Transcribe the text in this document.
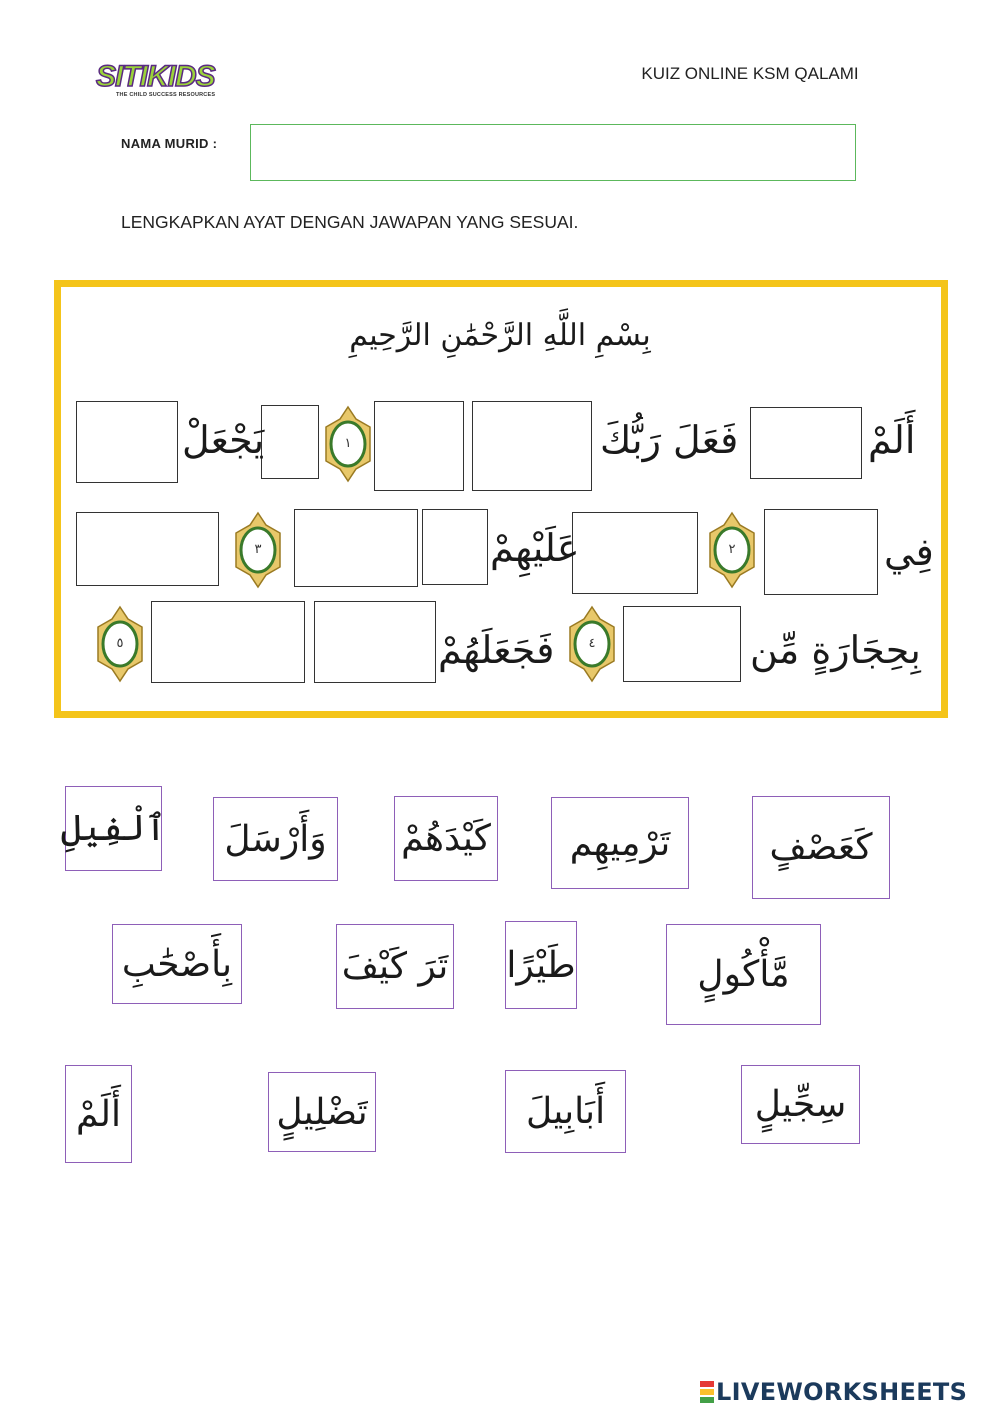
SITIKIDS
THE CHILD SUCCESS RESOURCES
KUIZ ONLINE KSM QALAMI
NAMA MURID :
LENGKAPKAN AYAT DENGAN JAWAPAN YANG SESUAI.
بِسْمِ اللَّهِ الرَّحْمَٰنِ الرَّحِيمِ
أَلَمْ
فَعَلَ رَبُّكَ
١
يَجْعَلْ
فِي
٢
عَلَيْهِمْ
٣
بِحِجَارَةٍ مِّن
٤
فَجَعَلَهُمْ
٥
ٱلْفِيلِ	وَأَرْسَلَ	كَيْدَهُمْ	تَرْمِيهِم	كَعَصْفٍ
بِأَصْحَٰبِ	تَرَ كَيْفَ طَيْرًا	مَّأْكُولٍ
أَلَمْ	تَضْلِيلٍ	أَبَابِيلَ	سِجِّيلٍ
LIVEWORKSHEETS
